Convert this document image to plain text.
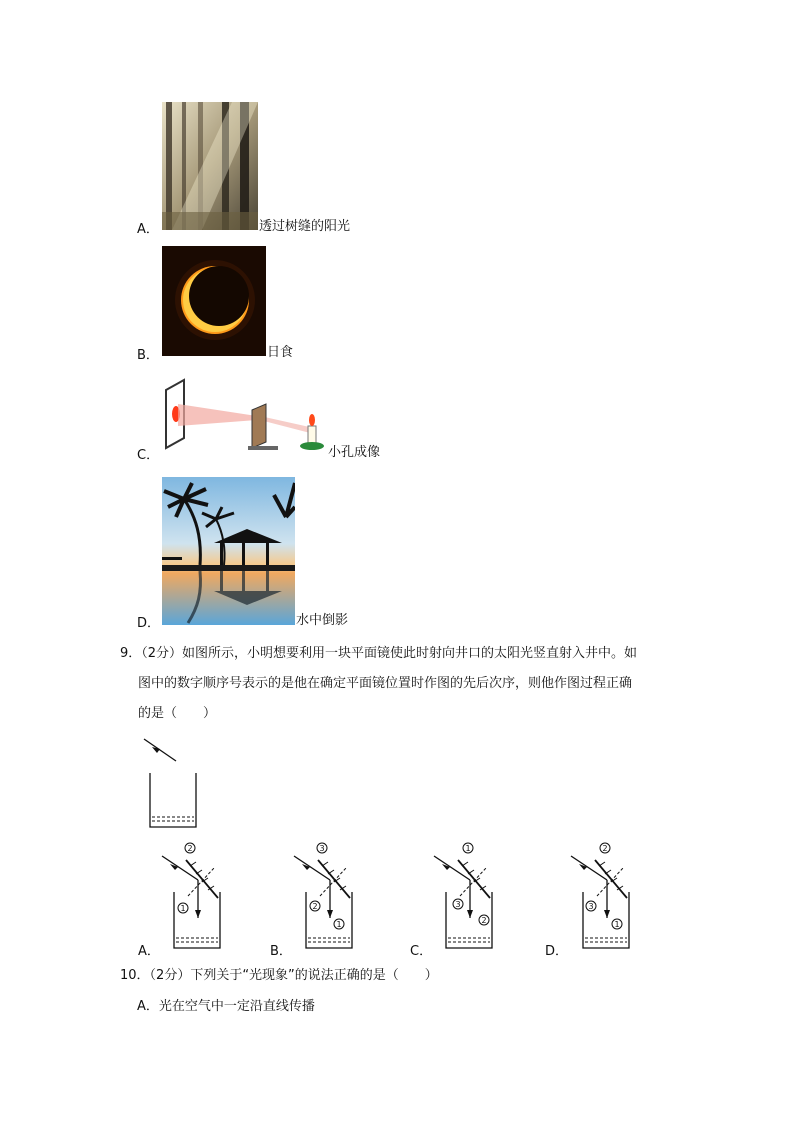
A．	透过树缝的阳光
B．	日食
C．	小孔成像
D．	水中倒影
9．（2分）如图所示，小明想要利用一块平面镜使此时射向井口的太阳光竖直射入井中。如
图中的数字顺序号表示的是他在确定平面镜位置时作图的先后次序，则他作图过程正确
的是（　　）
A．
2
1
B．
3
2
1
C．
1
3
2
D．
2
3
1
10．（2分）下列关于“光现象”的说法正确的是（　　）
A．光在空气中一定沿直线传播
